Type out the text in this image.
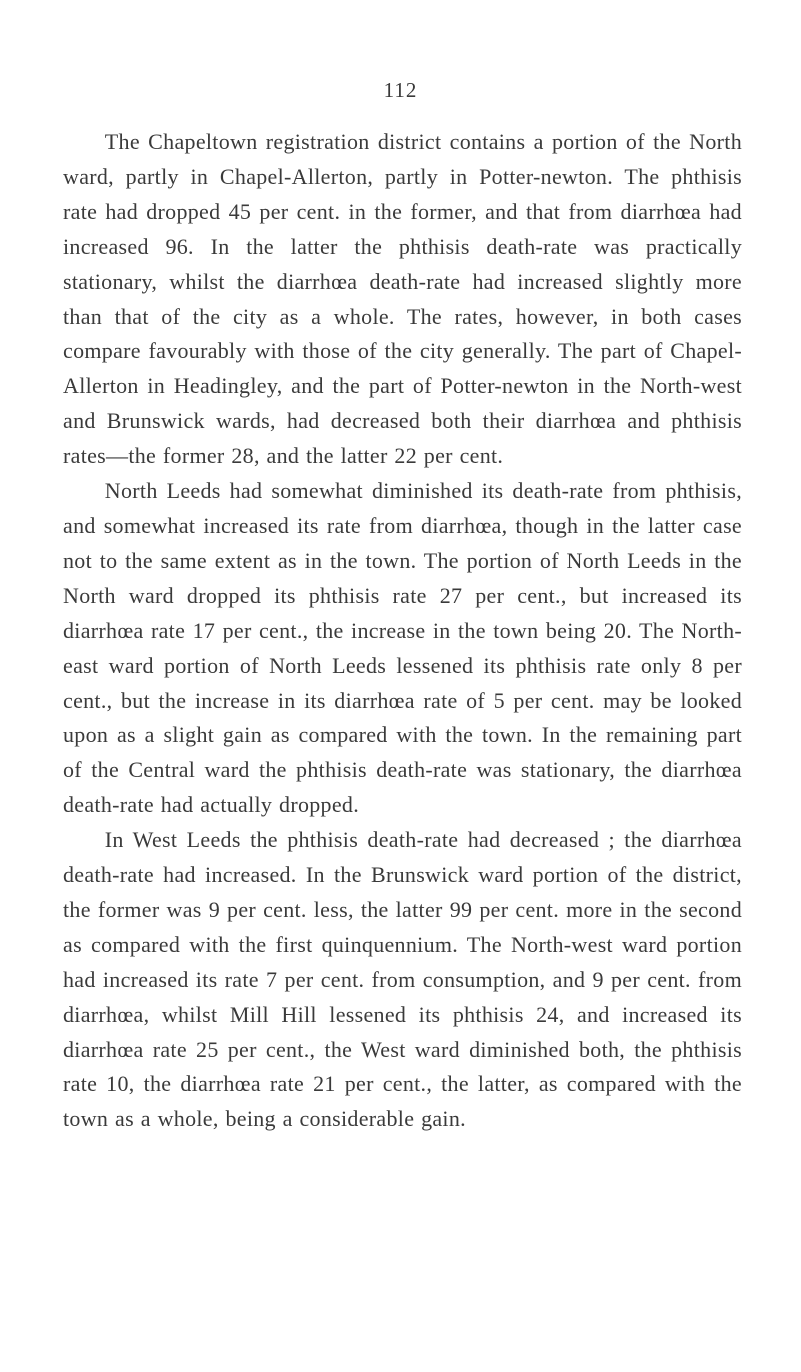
112

The Chapeltown registration district contains a portion of the North ward, partly in Chapel-Allerton, partly in Potter-newton. The phthisis rate had dropped 45 per cent. in the former, and that from diarrhœa had increased 96. In the latter the phthisis death-rate was practically stationary, whilst the diarrhœa death-rate had increased slightly more than that of the city as a whole. The rates, however, in both cases compare favourably with those of the city generally. The part of Chapel-Allerton in Headingley, and the part of Potter-newton in the North-west and Brunswick wards, had decreased both their diarrhœa and phthisis rates—the former 28, and the latter 22 per cent.

North Leeds had somewhat diminished its death-rate from phthisis, and somewhat increased its rate from diarrhœa, though in the latter case not to the same extent as in the town. The portion of North Leeds in the North ward dropped its phthisis rate 27 per cent., but increased its diarrhœa rate 17 per cent., the increase in the town being 20. The North-east ward portion of North Leeds lessened its phthisis rate only 8 per cent., but the increase in its diarrhœa rate of 5 per cent. may be looked upon as a slight gain as compared with the town. In the remaining part of the Central ward the phthisis death-rate was stationary, the diarrhœa death-rate had actually dropped.

In West Leeds the phthisis death-rate had decreased ; the diarrhœa death-rate had increased. In the Brunswick ward portion of the district, the former was 9 per cent. less, the latter 99 per cent. more in the second as compared with the first quinquennium. The North-west ward portion had increased its rate 7 per cent. from consumption, and 9 per cent. from diarrhœa, whilst Mill Hill lessened its phthisis 24, and increased its diarrhœa rate 25 per cent., the West ward diminished both, the phthisis rate 10, the diarrhœa rate 21 per cent., the latter, as compared with the town as a whole, being a considerable gain.
